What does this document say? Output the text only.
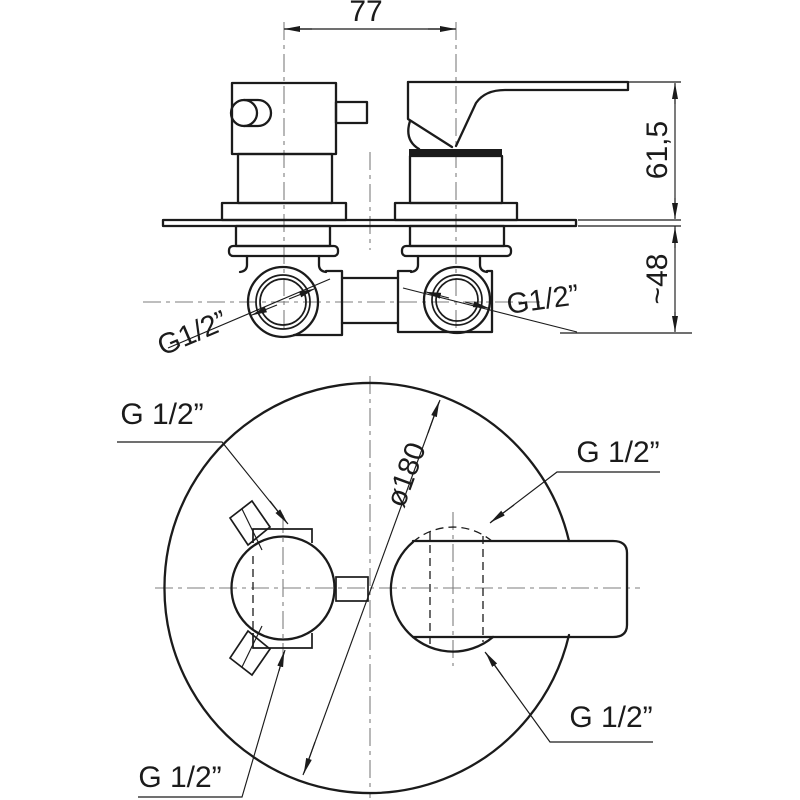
77
61,5
~48
G1/2”
G1/2”
ø180
G 1/2”
G 1/2”
G 1/2”
G 1/2”
